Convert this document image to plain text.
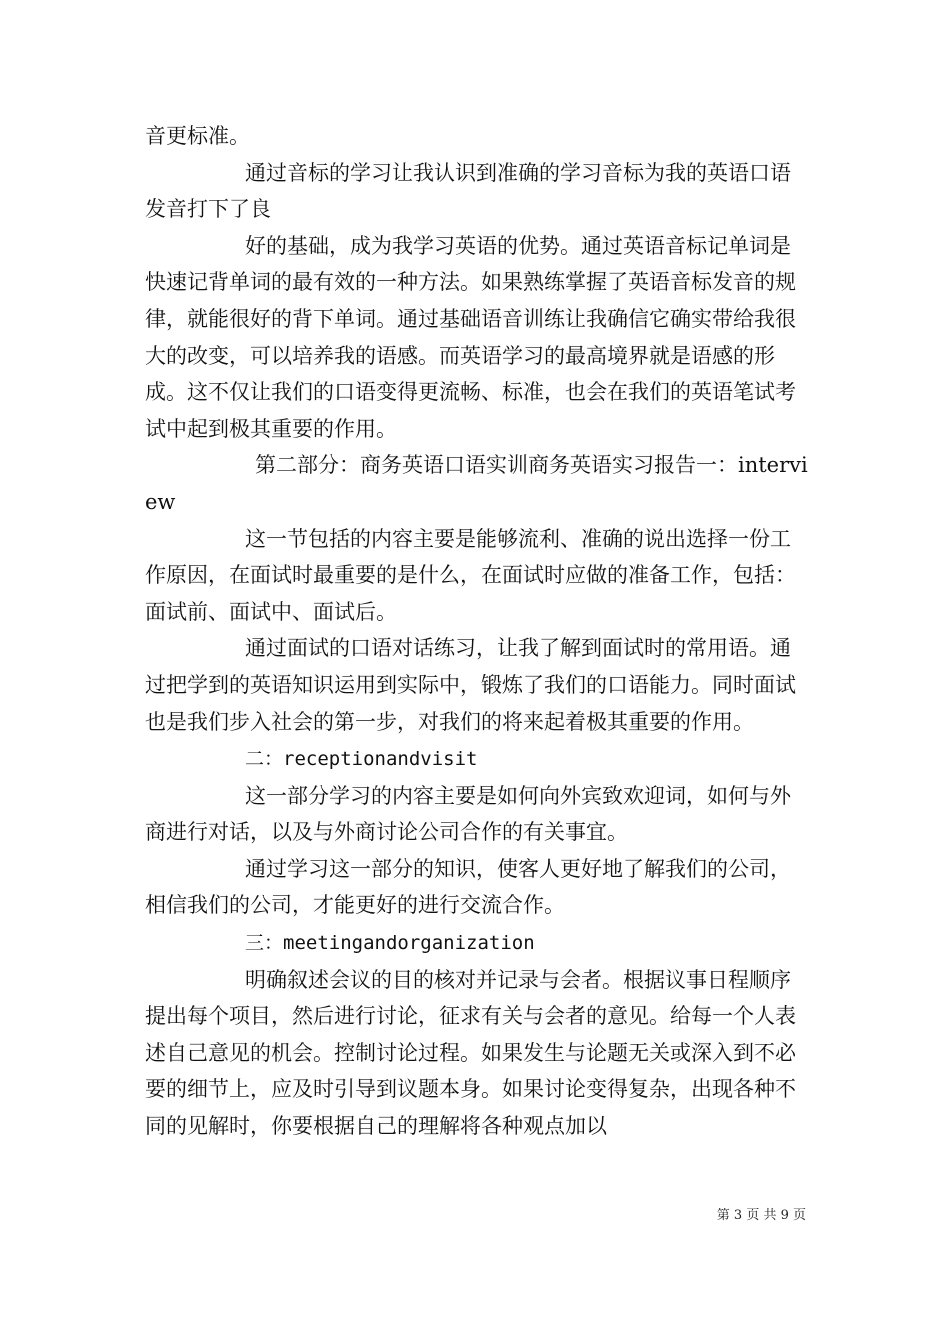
音更标准。

通过音标的学习让我认识到准确的学习音标为我的英语口语发音打下了良

好的基础，成为我学习英语的优势。通过英语音标记单词是快速记背单词的最有效的一种方法。如果熟练掌握了英语音标发音的规律，就能很好的背下单词。通过基础语音训练让我确信它确实带给我很大的改变，可以培养我的语感。而英语学习的最高境界就是语感的形成。这不仅让我们的口语变得更流畅、标准，也会在我们的英语笔试考试中起到极其重要的作用。

第二部分：商务英语口语实训商务英语实习报告一：interview

这一节包括的内容主要是能够流利、准确的说出选择一份工作原因，在面试时最重要的是什么，在面试时应做的准备工作，包括：面试前、面试中、面试后。

通过面试的口语对话练习，让我了解到面试时的常用语。通过把学到的英语知识运用到实际中，锻炼了我们的口语能力。同时面试也是我们步入社会的第一步，对我们的将来起着极其重要的作用。

二：receptionandvisit

这一部分学习的内容主要是如何向外宾致欢迎词，如何与外商进行对话，以及与外商讨论公司合作的有关事宜。

通过学习这一部分的知识，使客人更好地了解我们的公司，相信我们的公司，才能更好的进行交流合作。

三：meetingandorganization

明确叙述会议的目的核对并记录与会者。根据议事日程顺序提出每个项目，然后进行讨论，征求有关与会者的意见。给每一个人表述自己意见的机会。控制讨论过程。如果发生与论题无关或深入到不必要的细节上，应及时引导到议题本身。如果讨论变得复杂，出现各种不同的见解时，你要根据自己的理解将各种观点加以

第 3 页 共 9 页
